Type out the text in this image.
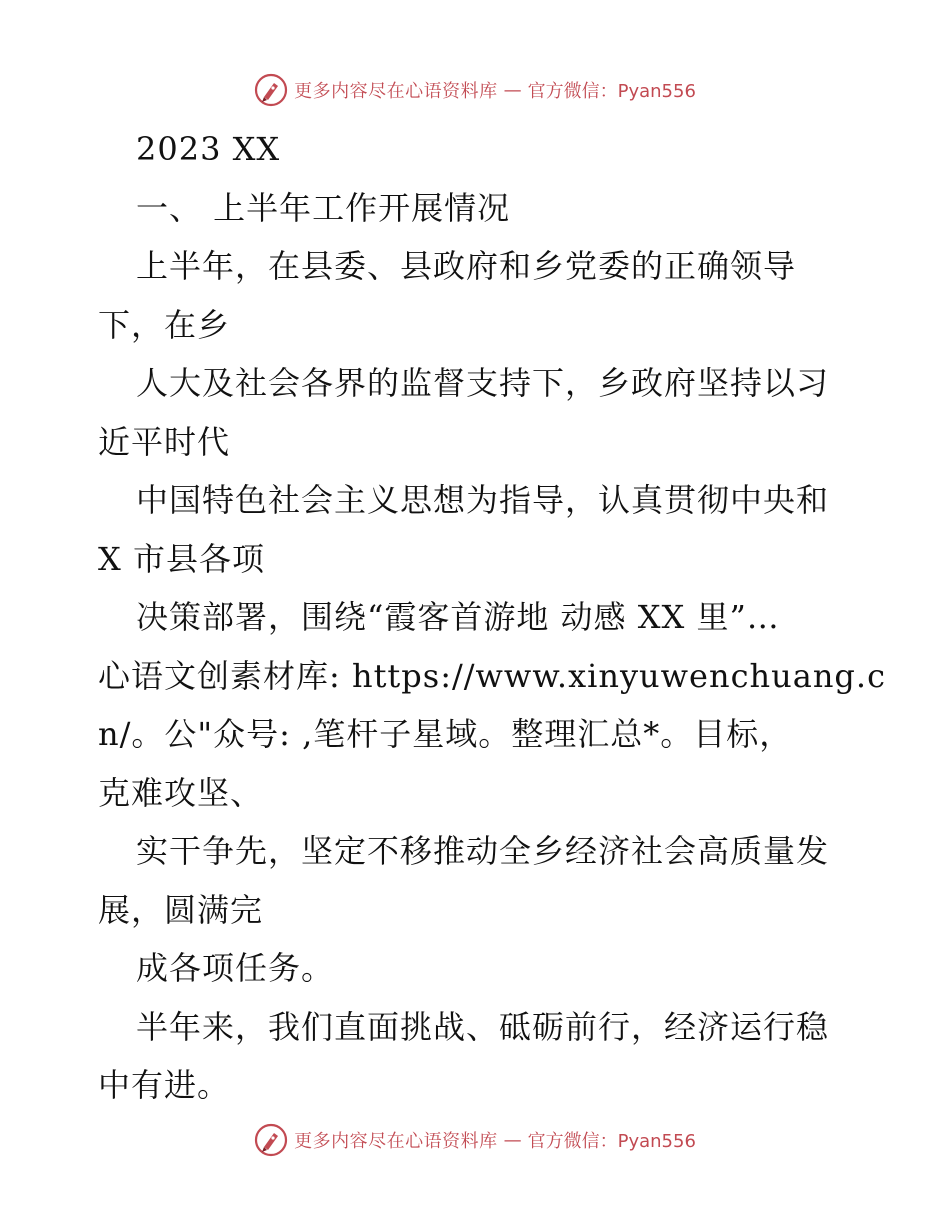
更多内容尽在心语资料库 — 官方微信：Pyan556
2023 XX
一、 上半年工作开展情况
上半年，在县委、县政府和乡党委的正确领导
下，在乡
人大及社会各界的监督支持下，乡政府坚持以习
近平时代
中国特色社会主义思想为指导，认真贯彻中央和
X 市县各项
决策部署，围绕“霞客首游地 动感 XX 里”…
心语文创素材库: https://www.xinyuwenchuang.c
n/。公"众号: ,笔杆子星域。整理汇总*。目标，
克难攻坚、
实干争先，坚定不移推动全乡经济社会高质量发
展，圆满完
成各项任务。
半年来，我们直面挑战、砥砺前行，经济运行稳
中有进。
更多内容尽在心语资料库 — 官方微信：Pyan556
